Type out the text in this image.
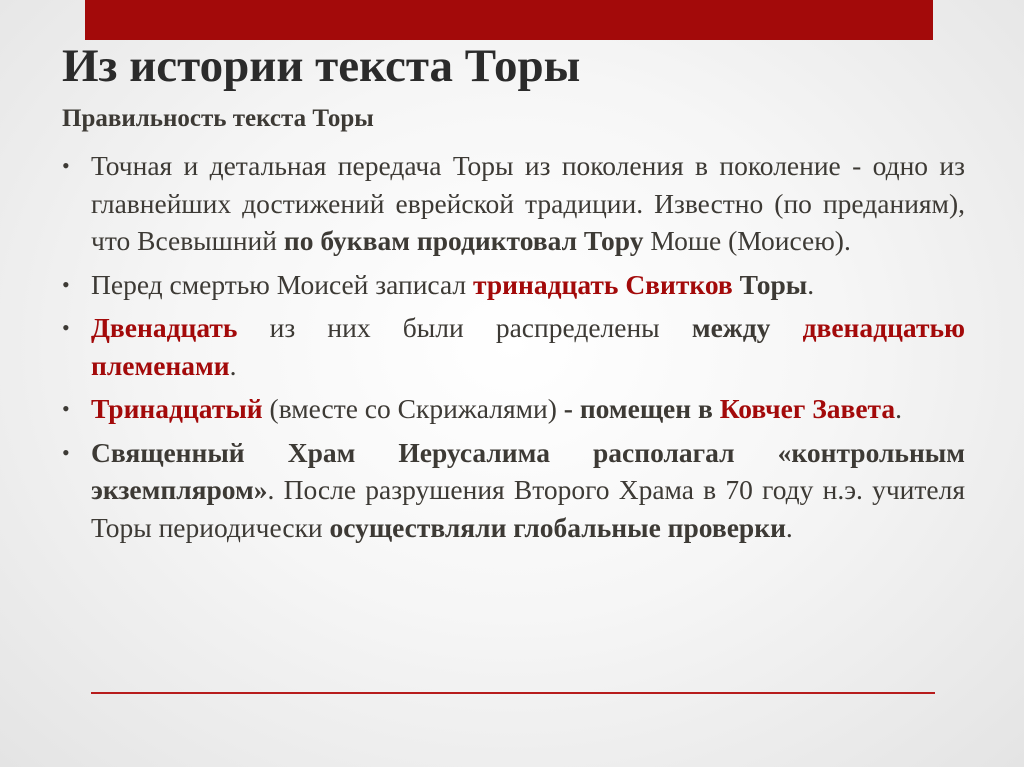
Из истории текста Торы
Правильность текста Торы
• Точная и детальная передача Торы из поколения в поколение - одно из главнейших достижений еврейской традиции. Известно (по преданиям), что Всевышний по буквам продиктовал Тору Моше (Моисею).
• Перед смертью Моисей записал тринадцать Свитков Торы.
• Двенадцать из них были распределены между двенадцатью племенами.
• Тринадцатый (вместе со Скрижалями) - помещен в Ковчег Завета.
• Священный Храм Иерусалима располагал «контрольным экземпляром». После разрушения Второго Храма в 70 году н.э. учителя Торы периодически осуществляли глобальные проверки.
